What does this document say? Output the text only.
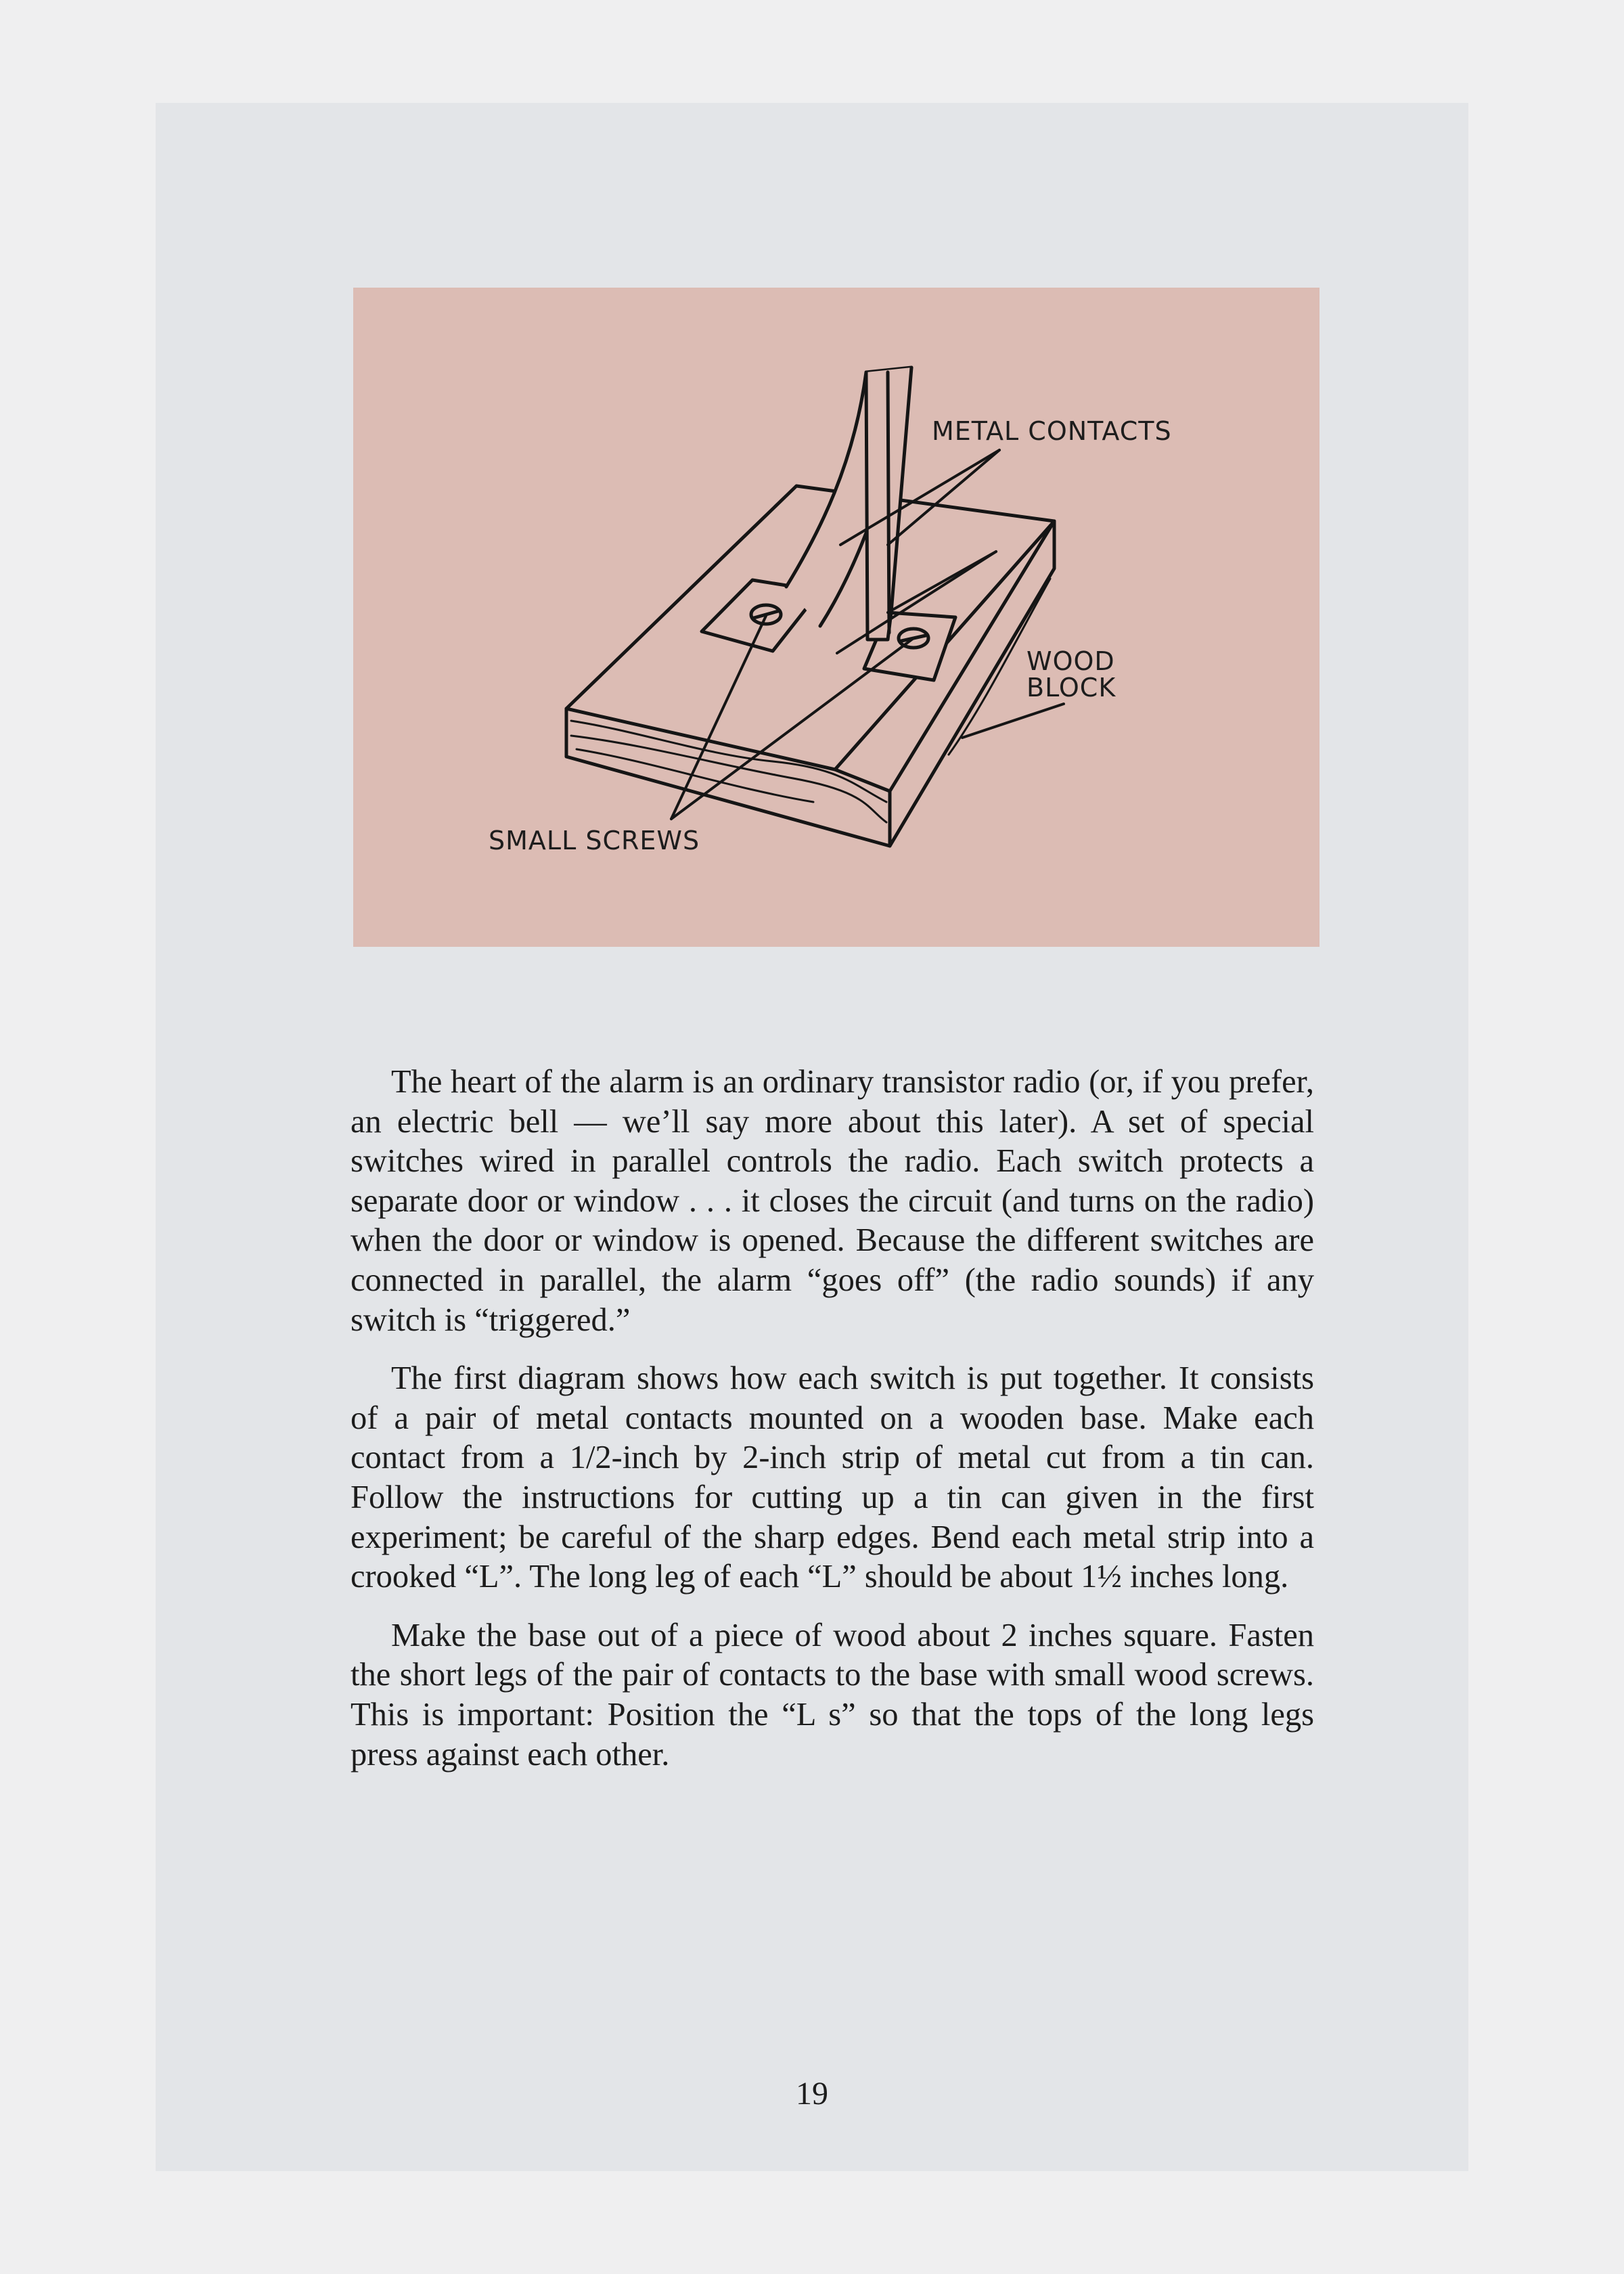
METAL CONTACTS
WOOD
BLOCK
SMALL SCREWS

The heart of the alarm is an ordinary transistor radio (or, if you prefer, an electric bell — we’ll say more about this later). A set of special switches wired in parallel controls the radio. Each switch protects a separate door or window . . . it closes the circuit (and turns on the radio) when the door or window is opened. Because the different switches are connected in parallel, the alarm “goes off” (the radio sounds) if any switch is “triggered.”

The first diagram shows how each switch is put together. It consists of a pair of metal contacts mounted on a wooden base. Make each contact from a 1/2-inch by 2-inch strip of metal cut from a tin can. Follow the instructions for cutting up a tin can given in the first experiment; be careful of the sharp edges. Bend each metal strip into a crooked “L”. The long leg of each “L” should be about 1½ inches long.

Make the base out of a piece of wood about 2 inches square. Fasten the short legs of the pair of contacts to the base with small wood screws. This is important: Position the “L s” so that the tops of the long legs press against each other.

19
